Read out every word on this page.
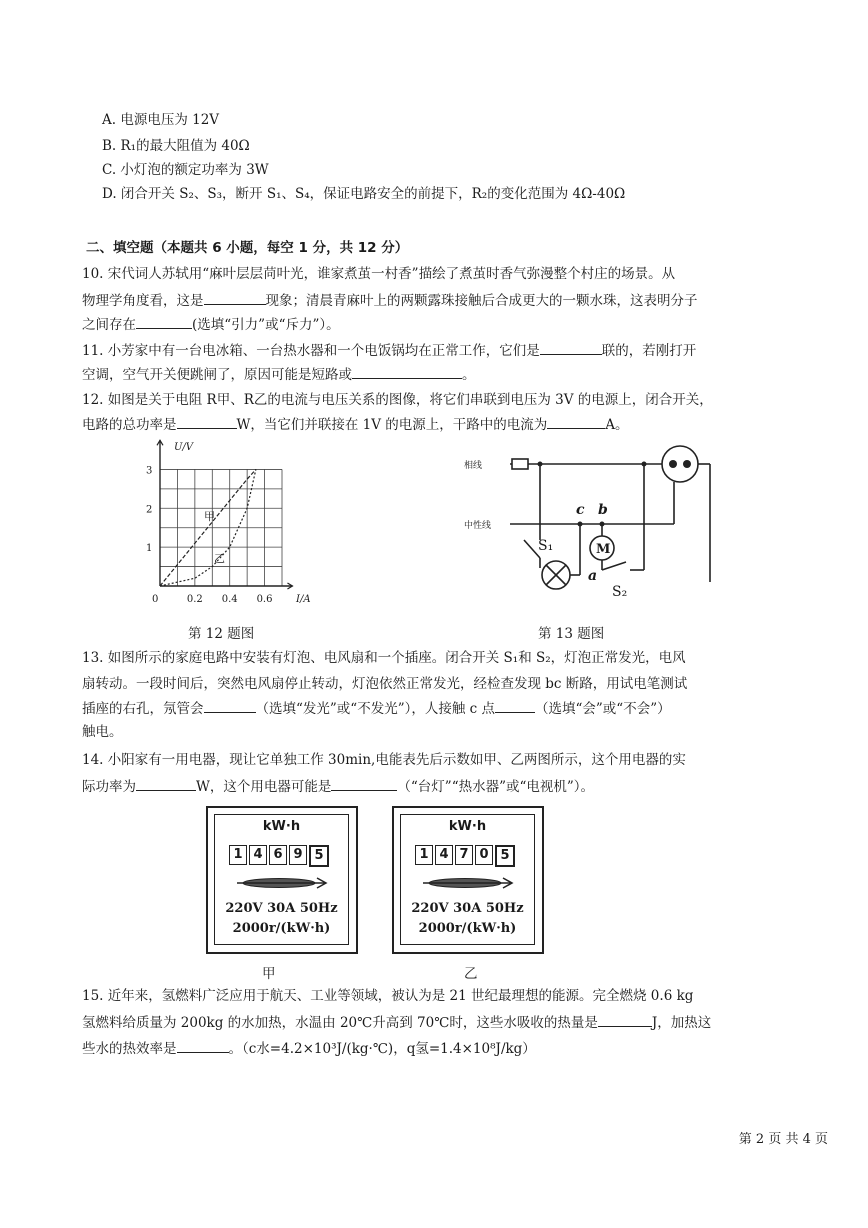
A. 电源电压为 12V
B. R₁的最大阻值为 40Ω
C. 小灯泡的额定功率为 3W
D. 闭合开关 S₂、S₃，断开 S₁、S₄，保证电路安全的前提下，R₂的变化范围为 4Ω-40Ω
二、填空题（本题共 6 小题，每空 1 分，共 12 分）
10. 宋代词人苏轼用“麻叶层层苘叶光，谁家煮茧一村香”描绘了煮茧时香气弥漫整个村庄的场景。从
物理学角度看，这是	现象；清晨青麻叶上的两颗露珠接触后合成更大的一颗水珠，这表明分子
之间存在	(选填“引力”或“斥力”）。
11. 小芳家中有一台电冰箱、一台热水器和一个电饭锅均在正常工作，它们是	联的，若刚打开
空调，空气开关便跳闸了，原因可能是短路或	。
12. 如图是关于电阻 R甲、R乙的电流与电压关系的图像，将它们串联到电压为 3V 的电源上，闭合开关，
电路的总功率是	W，当它们并联接在 1V 的电源上，干路中的电流为	A。
1
2
3
0	0.2 0.4 0.6
U/V
I/A
甲
乙
第 12 题图
相线
中性线
c b
a
S₁
S₂
M
第 13 题图
13. 如图所示的家庭电路中安装有灯泡、电风扇和一个插座。闭合开关 S₁和 S₂，灯泡正常发光，电风
扇转动。一段时间后，突然电风扇停止转动，灯泡依然正常发光，经检查发现 bc 断路，用试电笔测试
插座的右孔，氖管会	（选填“发光”或“不发光”），人接触 c 点	（选填“会”或“不会”）
触电。
14. 小阳家有一用电器，现让它单独工作 30min,电能表先后示数如甲、乙两图所示，这个用电器的实
际功率为	W，这个用电器可能是	（“台灯”“热水器”或“电视机”）。
kW·h
1 4 6 9 5
220V 30A 50Hz
2000r/(kW·h)
甲
kW·h
1 4 7 0 5
220V 30A 50Hz
2000r/(kW·h)
乙
15. 近年来，氢燃料广泛应用于航天、工业等领域，被认为是 21 世纪最理想的能源。完全燃烧 0.6 kg
氢燃料给质量为 200kg 的水加热，水温由 20℃升高到 70℃时，这些水吸收的热量是	J，加热这
些水的热效率是	。（c水=4.2×10³J/(kg·℃)，q氢=1.4×10⁸J/kg）
第 2 页 共 4 页
